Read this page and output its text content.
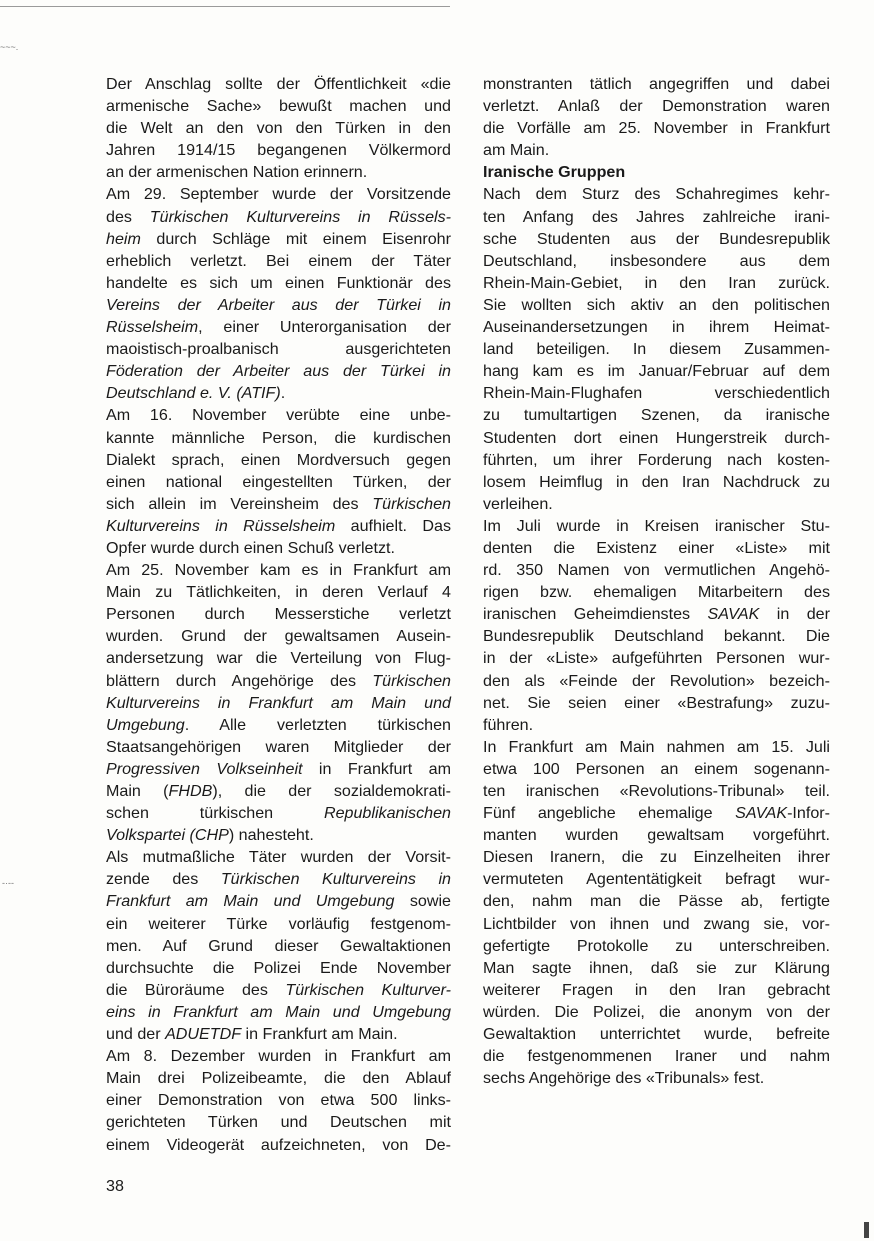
~~~.
-·--

Der Anschlag sollte der Öffentlichkeit «die
armenische Sache» bewußt machen und
die Welt an den von den Türken in den
Jahren 1914/15 begangenen Völkermord
an der armenischen Nation erinnern.

Am 29. September wurde der Vorsitzende
des Türkischen Kulturvereins in Rüssels-
heim durch Schläge mit einem Eisenrohr
erheblich verletzt. Bei einem der Täter
handelte es sich um einen Funktionär des
Vereins der Arbeiter aus der Türkei in
Rüsselsheim, einer Unterorganisation der
maoistisch-proalbanisch ausgerichteten
Föderation der Arbeiter aus der Türkei in
Deutschland e. V. (ATIF).

Am 16. November verübte eine unbe-
kannte männliche Person, die kurdischen
Dialekt sprach, einen Mordversuch gegen
einen national eingestellten Türken, der
sich allein im Vereinsheim des Türkischen
Kulturvereins in Rüsselsheim aufhielt. Das
Opfer wurde durch einen Schuß verletzt.

Am 25. November kam es in Frankfurt am
Main zu Tätlichkeiten, in deren Verlauf 4
Personen durch Messerstiche verletzt
wurden. Grund der gewaltsamen Ausein-
andersetzung war die Verteilung von Flug-
blättern durch Angehörige des Türkischen
Kulturvereins in Frankfurt am Main und
Umgebung. Alle verletzten türkischen
Staatsangehörigen waren Mitglieder der
Progressiven Volkseinheit in Frankfurt am
Main (FHDB), die der sozialdemokrati-
schen türkischen Republikanischen
Volkspartei (CHP) nahesteht.

Als mutmaßliche Täter wurden der Vorsit-
zende des Türkischen Kulturvereins in
Frankfurt am Main und Umgebung sowie
ein weiterer Türke vorläufig festgenom-
men. Auf Grund dieser Gewaltaktionen
durchsuchte die Polizei Ende November
die Büroräume des Türkischen Kulturver-
eins in Frankfurt am Main und Umgebung
und der ADUETDF in Frankfurt am Main.

Am 8. Dezember wurden in Frankfurt am
Main drei Polizeibeamte, die den Ablauf
einer Demonstration von etwa 500 links-
gerichteten Türken und Deutschen mit
einem Videogerät aufzeichneten, von De-

monstranten tätlich angegriffen und dabei
verletzt. Anlaß der Demonstration waren
die Vorfälle am 25. November in Frankfurt
am Main.

Iranische Gruppen

Nach dem Sturz des Schahregimes kehr-
ten Anfang des Jahres zahlreiche irani-
sche Studenten aus der Bundesrepublik
Deutschland, insbesondere aus dem
Rhein-Main-Gebiet, in den Iran zurück.
Sie wollten sich aktiv an den politischen
Auseinandersetzungen in ihrem Heimat-
land beteiligen. In diesem Zusammen-
hang kam es im Januar/Februar auf dem
Rhein-Main-Flughafen verschiedentlich
zu tumultartigen Szenen, da iranische
Studenten dort einen Hungerstreik durch-
führten, um ihrer Forderung nach kosten-
losem Heimflug in den Iran Nachdruck zu
verleihen.

Im Juli wurde in Kreisen iranischer Stu-
denten die Existenz einer «Liste» mit
rd. 350 Namen von vermutlichen Angehö-
rigen bzw. ehemaligen Mitarbeitern des
iranischen Geheimdienstes SAVAK in der
Bundesrepublik Deutschland bekannt. Die
in der «Liste» aufgeführten Personen wur-
den als «Feinde der Revolution» bezeich-
net. Sie seien einer «Bestrafung» zuzu-
führen.

In Frankfurt am Main nahmen am 15. Juli
etwa 100 Personen an einem sogenann-
ten iranischen «Revolutions-Tribunal» teil.
Fünf angebliche ehemalige SAVAK-Infor-
manten wurden gewaltsam vorgeführt.
Diesen Iranern, die zu Einzelheiten ihrer
vermuteten Agententätigkeit befragt wur-
den, nahm man die Pässe ab, fertigte
Lichtbilder von ihnen und zwang sie, vor-
gefertigte Protokolle zu unterschreiben.
Man sagte ihnen, daß sie zur Klärung
weiterer Fragen in den Iran gebracht
würden. Die Polizei, die anonym von der
Gewaltaktion unterrichtet wurde, befreite
die festgenommenen Iraner und nahm
sechs Angehörige des «Tribunals» fest.

38
